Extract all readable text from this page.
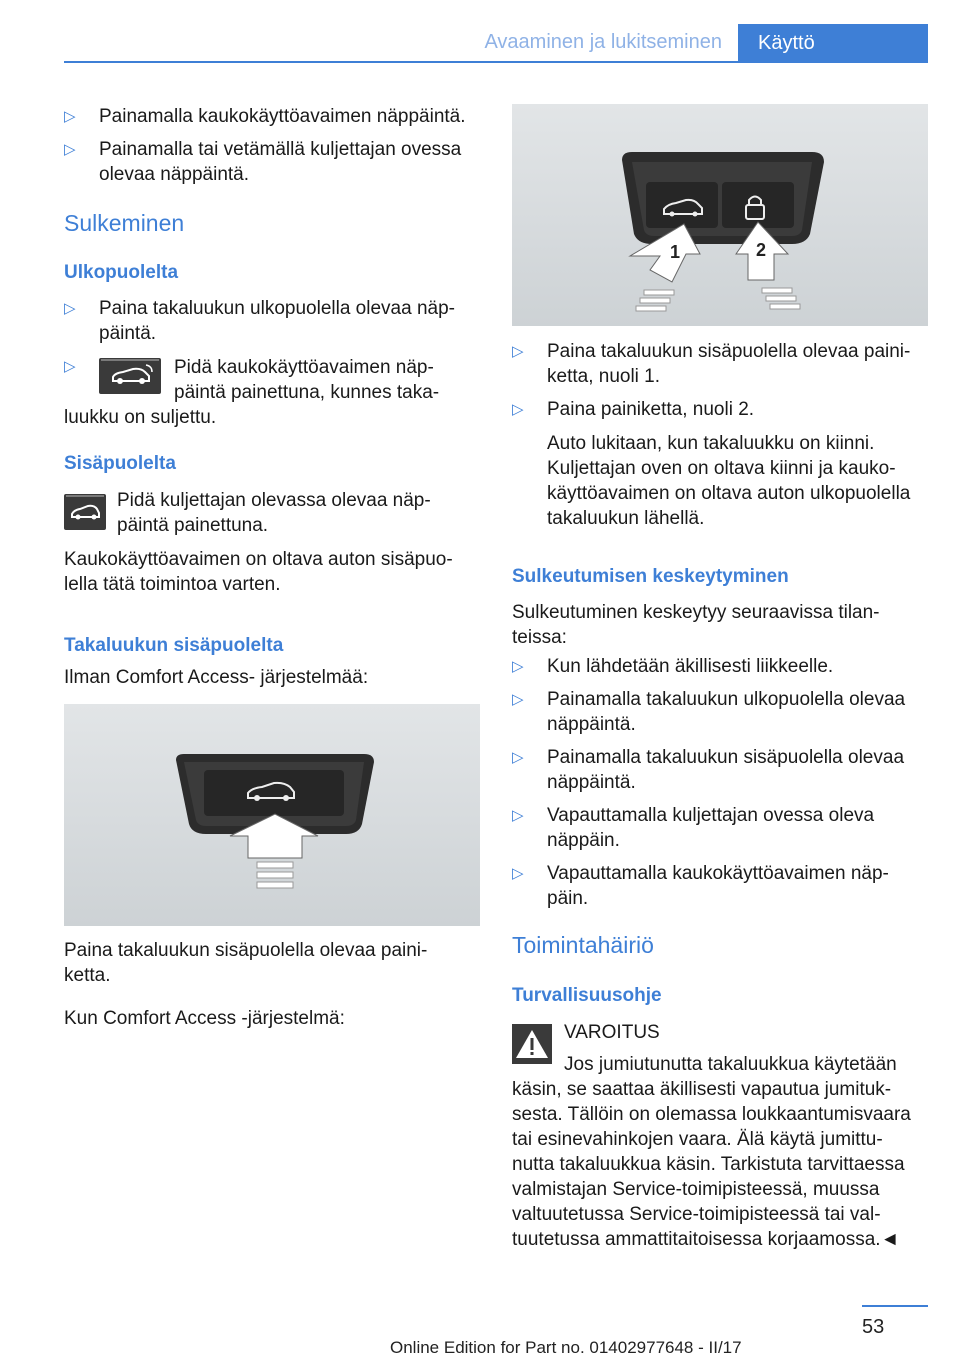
Avaaminen ja lukitseminen	Käyttö
▷ Painamalla kaukokäyttöavaimen näppäintä.

▷ Painamalla tai vetämällä kuljettajan ovessa

olevaa näppäintä.

Sulkeminen
Ulkopuolelta
▷ Paina takaluukun ulkopuolella olevaa näp-

päintä.

▷	Pidä kaukokäyttöavaimen näp-

päintä painettuna, kunnes taka-

luukku on suljettu.

Sisäpuolelta

Pidä kuljettajan olevassa olevaa näp-

päintä painettuna.

Kaukokäyttöavaimen on oltava auton sisäpuo-

lella tätä toimintoa varten.

Takaluukun sisäpuolelta

Ilman Comfort Access- järjestelmää:

Paina takaluukun sisäpuolella olevaa paini-

ketta.

Kun Comfort Access -järjestelmä:

1	2
▷ Paina takaluukun sisäpuolella olevaa paini-

ketta, nuoli 1.

▷ Paina painiketta, nuoli 2.

Auto lukitaan, kun takaluukku on kiinni.

Kuljettajan oven on oltava kiinni ja kauko-

käyttöavaimen on oltava auton ulkopuolella

takaluukun lähellä.

Sulkeutumisen keskeytyminen

Sulkeutuminen keskeytyy seuraavissa tilan-

teissa:

▷ Kun lähdetään äkillisesti liikkeelle.

▷ Painamalla takaluukun ulkopuolella olevaa

näppäintä.

▷ Painamalla takaluukun sisäpuolella olevaa

näppäintä.

▷ Vapauttamalla kuljettajan ovessa oleva

näppäin.

▷ Vapauttamalla kaukokäyttöavaimen näp-

päin.

Toimintahäiriö
Turvallisuusohje

VAROITUS

Jos jumiutunutta takaluukkua käytetään

käsin, se saattaa äkillisesti vapautua jumituk-

sesta. Tällöin on olemassa loukkaantumisvaara

tai esinevahinkojen vaara. Älä käytä jumittu-

nutta takaluukkua käsin. Tarkistuta tarvittaessa

valmistajan Service-toimipisteessä, muussa

valtuutetussa Service-toimipisteessä tai val-

tuutetussa ammattitaitoisessa korjaamossa.◄

53
Online Edition for Part no. 01402977648 - II/17
